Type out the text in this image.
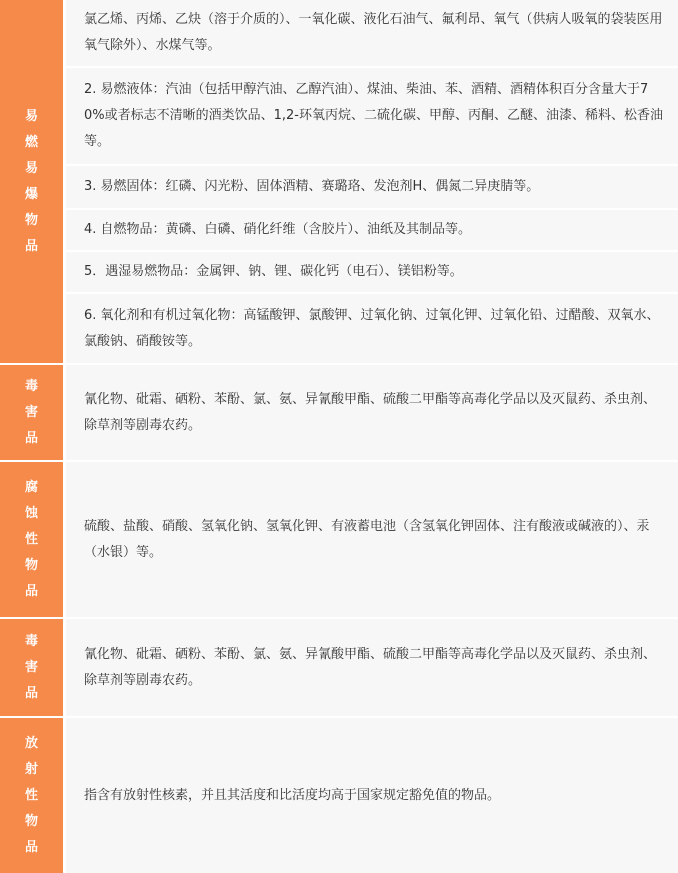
易燃易爆物品
氯乙烯、丙烯、乙炔（溶于介质的）、一氧化碳、液化石油气、氟利昂、氧气（供病人吸氧的袋装医用氧气除外）、水煤气等。
2. 易燃液体：汽油（包括甲醇汽油、乙醇汽油）、煤油、柴油、苯、酒精、酒精体积百分含量大于70%或者标志不清晰的酒类饮品、1,2-环氧丙烷、二硫化碳、甲醇、丙酮、乙醚、油漆、稀料、松香油等。
3. 易燃固体：红磷、闪光粉、固体酒精、赛璐珞、发泡剂H、偶氮二异庚腈等。
4. 自燃物品：黄磷、白磷、硝化纤维（含胶片）、油纸及其制品等。
5．遇湿易燃物品：金属钾、钠、锂、碳化钙（电石）、镁铝粉等。
6. 氧化剂和有机过氧化物：高锰酸钾、氯酸钾、过氧化钠、过氧化钾、过氧化铅、过醋酸、双氧水、氯酸钠、硝酸铵等。
毒害品
氰化物、砒霜、硒粉、苯酚、氯、氨、异氰酸甲酯、硫酸二甲酯等高毒化学品以及灭鼠药、杀虫剂、除草剂等剧毒农药。
腐蚀性物品
硫酸、盐酸、硝酸、氢氧化钠、氢氧化钾、有液蓄电池（含氢氧化钾固体、注有酸液或碱液的）、汞（水银）等。
毒害品
氰化物、砒霜、硒粉、苯酚、氯、氨、异氰酸甲酯、硫酸二甲酯等高毒化学品以及灭鼠药、杀虫剂、除草剂等剧毒农药。
放射性物品
指含有放射性核素，并且其活度和比活度均高于国家规定豁免值的物品。
